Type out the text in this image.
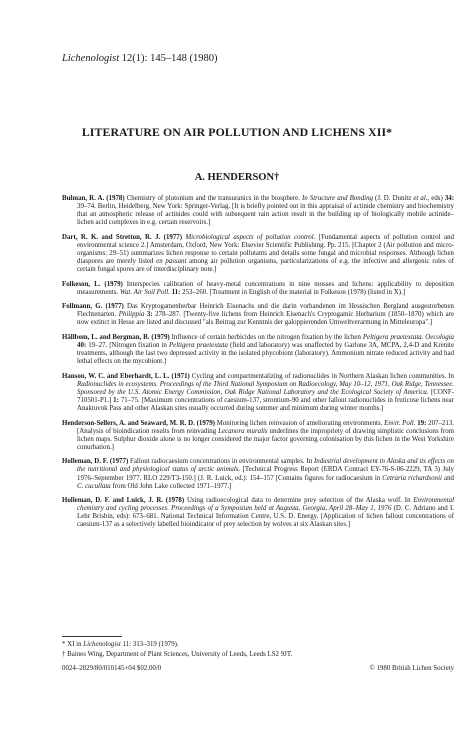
Lichenologist 12(1): 145–148 (1980)
LITERATURE ON AIR POLLUTION AND LICHENS XII*
A. HENDERSON†
Bulman, R. A. (1978) Chemistry of plutonium and the transuranics in the biosphere. In Structure and Bonding (J. D. Dunitz et al., eds) 34: 39–74. Berlin, Heidelberg, New York: Springer-Verlag. [It is briefly pointed out in this appraisal of actinide chemistry and biochemistry that an atmospheric release of actinides could with subsequent rain action result in the building up of biologically mobile actinide–lichen acid complexes in e.g. certain reservoirs.]
Dart, R. K. and Stretton, R. J. (1977) Microbiological aspects of pollution control. [Fundamental aspects of pollution control and environmental science 2.] Amsterdam, Oxford, New York: Elsevier Scientific Publishing. Pp. 215. [Chapter 2 (Air pollution and micro-organisms: 29–51) summarizes lichen response to certain pollutants and details some fungal and microbial responses. Although lichen diaspores are merely listed en passant among air pollution organisms, particularizations of e.g. the infective and allergenic roles of certain fungal spores are of interdisciplinary note.]
Folkeson, L. (1979) Interspecies calibration of heavy-metal concentrations in nine mosses and lichens: applicability to deposition measurements. Wat. Air Soil Poll. 11: 253–260. [Treatment in English of the material in Folkeson (1978) (listed in X).]
Follmann, G. (1977) Das Kryptogamenherbar Heinrich Eisenachs und die darin vorhandenen im Hessischen Bergland ausgestorbenen Flechtenarten. Philippia 3: 278–287. [Twenty-five lichens from Heinrich Eisenach's Cryptogamic Herbarium (1850–1870) which are now extinct in Hesse are listed and discussed "als Beitrag zur Kenntnis der galoppierenden Umweltverarmung in Mitteleuropa".]
Hällbom, L. and Bergman, B. (1979) Influence of certain herbicides on the nitrogen fixation by the lichen Peltigera praetextata. Oecologia 40: 19–27. [Nitrogen fixation in Peltigera praetextata (field and laboratory) was unaffected by Garlone 3A, MCPA, 2,4-D and Krenite treatments, although the last two depressed activity in the isolated phycobiont (laboratory). Ammonium nitrate reduced activity and had lethal effects on the mycobiont.]
Hanson, W. C. and Eberhardt, L. L. (1971) Cycling and compartmentalizing of radionuclides in Northern Alaskan lichen communities. In Radionuclides in ecosystems. Proceedings of the Third National Symposium on Radioecology, May 10–12, 1971, Oak Ridge, Tennessee. Sponsored by the U.S. Atomic Energy Commission, Oak Ridge National Laboratory and the Ecological Society of America. [CONF-710501-P1.] 1: 71–75. [Maximum concentrations of caesium-137, strontium-90 and other fallout radionuclides in fruticose lichens near Anaktuvuk Pass and other Alaskan sites usually occurred during summer and minimum during winter months.]
Henderson-Sellers, A. and Seaward, M. R. D. (1979) Monitoring lichen reinvasion of ameliorating environments. Envir. Poll. 19: 207–213. [Analysis of bioindication results from reinvading Lecanora muralis underlines the impropriety of drawing simplistic conclusions from lichen maps. Sulphur dioxide alone is no longer considered the major factor governing colonisation by this lichen in the West Yorkshire conurbation.]
Holleman, D. F. (1977) Fallout radiocaesium concentrations in environmental samples. In Industrial development in Alaska and its effects on the nutritional and physiological status of arctic animals. [Technical Progress Report (ERDA Contract EY-76-S-06-2229, TA 3) July 1976–September 1977. RLO 229/T3-150.] (J. R. Luick, ed.): 154–157 [Contains figures for radiocaesium in Cetraria richardsonii and C. cucullata from Old John Lake collected 1971–1977.]
Holleman, D. F. and Luick, J. R. (1978) Using radioecological data to determine prey selection of the Alaska wolf. In Environmental chemistry and cycling processes. Proceedings of a Symposium held at Augusta, Georgia, April 28–May 1, 1976 (D. C. Adriano and I. Lehr Brisbin, eds): 673–681. National Technical Information Centre, U.S. D. Energy. [Application of lichen fallout concentrations of caesium-137 as a selectively labelled bioindicator of prey selection by wolves at six Alaskan sites.]
* XI in Lichenologist 11: 313–319 (1979).
† Baines Wing, Department of Plant Sciences, University of Leeds, Leeds LS2 9JT.
0024–2829/80/010145+04 $02.00/0	© 1980 British Lichen Society
